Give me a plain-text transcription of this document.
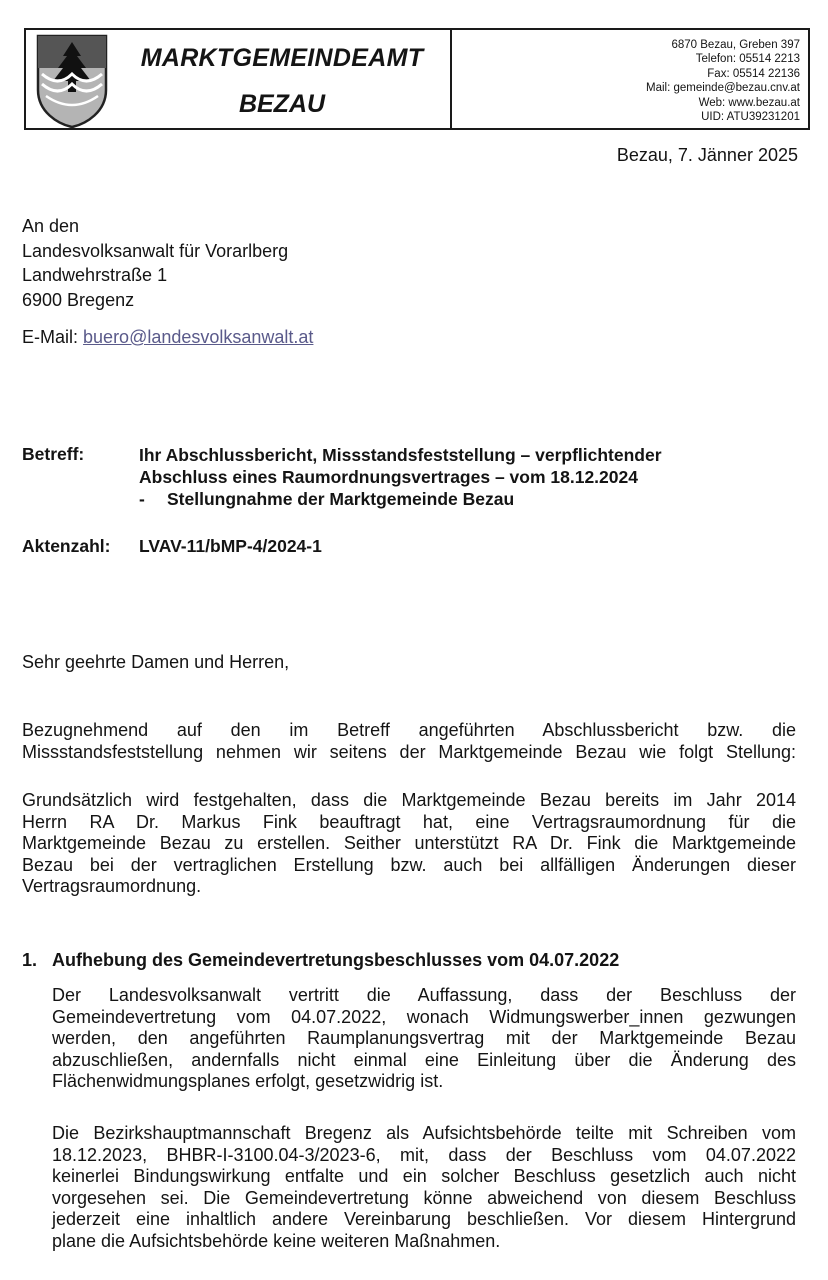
MARKTGEMEINDEAMT
BEZAU
6870 Bezau, Greben 397
Telefon: 05514 2213
Fax: 05514 22136
Mail: gemeinde@bezau.cnv.at
Web: www.bezau.at
UID: ATU39231201
Bezau, 7. Jänner 2025
An den
Landesvolksanwalt für Vorarlberg
Landwehrstraße 1
6900 Bregenz
E-Mail: buero@landesvolksanwalt.at
Betreff:	Ihr Abschlussbericht, Missstandsfeststellung – verpflichtender
Abschluss eines Raumordnungsvertrages – vom 18.12.2024
-	Stellungnahme der Marktgemeinde Bezau
Aktenzahl: LVAV-11/bMP-4/2024-1
Sehr geehrte Damen und Herren,
Bezugnehmend auf den im Betreff angeführten Abschlussbericht bzw. die
Missstandsfeststellung nehmen wir seitens der Marktgemeinde Bezau wie folgt Stellung:
Grundsätzlich wird festgehalten, dass die Marktgemeinde Bezau bereits im Jahr 2014
Herrn RA Dr. Markus Fink beauftragt hat, eine Vertragsraumordnung für die
Marktgemeinde Bezau zu erstellen. Seither unterstützt RA Dr. Fink die Marktgemeinde
Bezau bei der vertraglichen Erstellung bzw. auch bei allfälligen Änderungen dieser
Vertragsraumordnung.
1. Aufhebung des Gemeindevertretungsbeschlusses vom 04.07.2022
Der Landesvolksanwalt vertritt die Auffassung, dass der Beschluss der
Gemeindevertretung vom 04.07.2022, wonach Widmungswerber_innen gezwungen
werden, den angeführten Raumplanungsvertrag mit der Marktgemeinde Bezau
abzuschließen, andernfalls nicht einmal eine Einleitung über die Änderung des
Flächenwidmungsplanes erfolgt, gesetzwidrig ist.
Die Bezirkshauptmannschaft Bregenz als Aufsichtsbehörde teilte mit Schreiben vom
18.12.2023, BHBR-I-3100.04-3/2023-6, mit, dass der Beschluss vom 04.07.2022
keinerlei Bindungswirkung entfalte und ein solcher Beschluss gesetzlich auch nicht
vorgesehen sei. Die Gemeindevertretung könne abweichend von diesem Beschluss
jederzeit eine inhaltlich andere Vereinbarung beschließen. Vor diesem Hintergrund
plane die Aufsichtsbehörde keine weiteren Maßnahmen.
